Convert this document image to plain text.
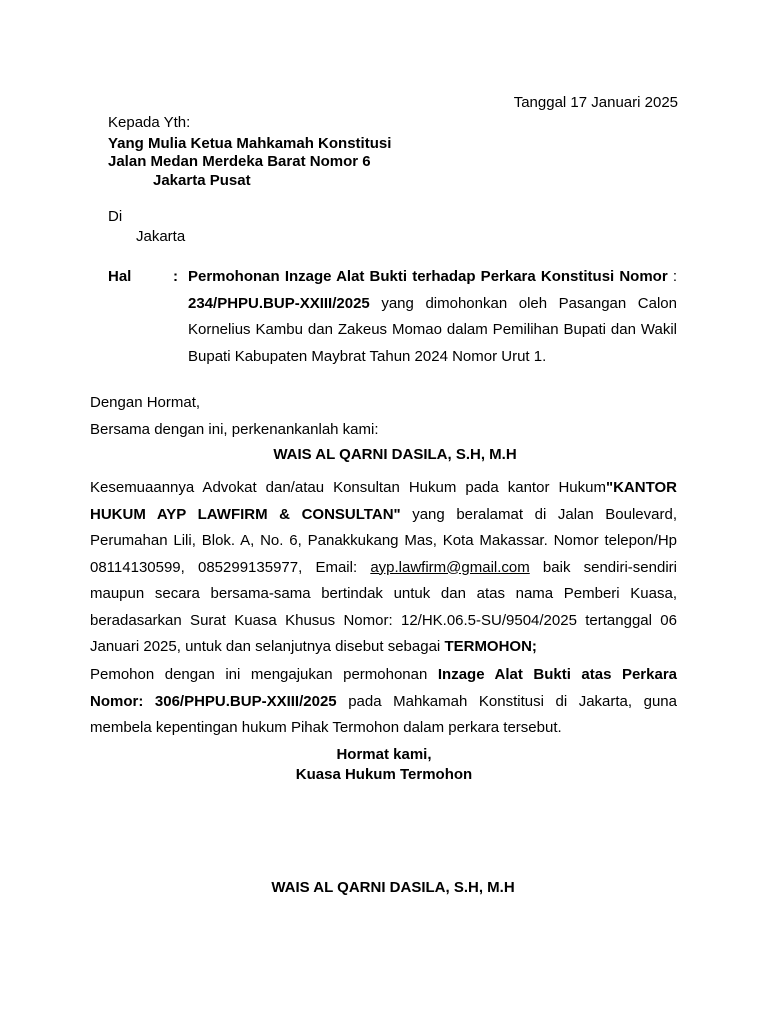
Tanggal 17 Januari 2025
Kepada Yth:
Yang Mulia Ketua Mahkamah Konstitusi
Jalan Medan Merdeka Barat Nomor 6
Jakarta Pusat
Di
Jakarta
Hal	: Permohonan Inzage Alat Bukti terhadap Perkara Konstitusi Nomor : 234/PHPU.BUP-XXIII/2025 yang dimohonkan oleh Pasangan Calon Kornelius Kambu dan Zakeus Momao dalam Pemilihan Bupati dan Wakil Bupati Kabupaten Maybrat Tahun 2024 Nomor Urut 1.
Dengan Hormat,
Bersama dengan ini, perkenankanlah kami:
WAIS AL QARNI DASILA, S.H, M.H
Kesemuaannya Advokat dan/atau Konsultan Hukum pada kantor Hukum"KANTOR HUKUM AYP LAWFIRM & CONSULTAN" yang beralamat di Jalan Boulevard, Perumahan Lili, Blok. A, No. 6, Panakkukang Mas, Kota Makassar. Nomor telepon/Hp 08114130599, 085299135977, Email: ayp.lawfirm@gmail.com baik sendiri-sendiri maupun secara bersama-sama bertindak untuk dan atas nama Pemberi Kuasa, beradasarkan Surat Kuasa Khusus Nomor: 12/HK.06.5-SU/9504/2025 tertanggal 06 Januari 2025, untuk dan selanjutnya disebut sebagai TERMOHON;
Pemohon dengan ini mengajukan permohonan Inzage Alat Bukti atas Perkara Nomor: 306/PHPU.BUP-XXIII/2025 pada Mahkamah Konstitusi di Jakarta, guna membela kepentingan hukum Pihak Termohon dalam perkara tersebut.
Hormat kami,
Kuasa Hukum Termohon
WAIS AL QARNI DASILA, S.H, M.H
